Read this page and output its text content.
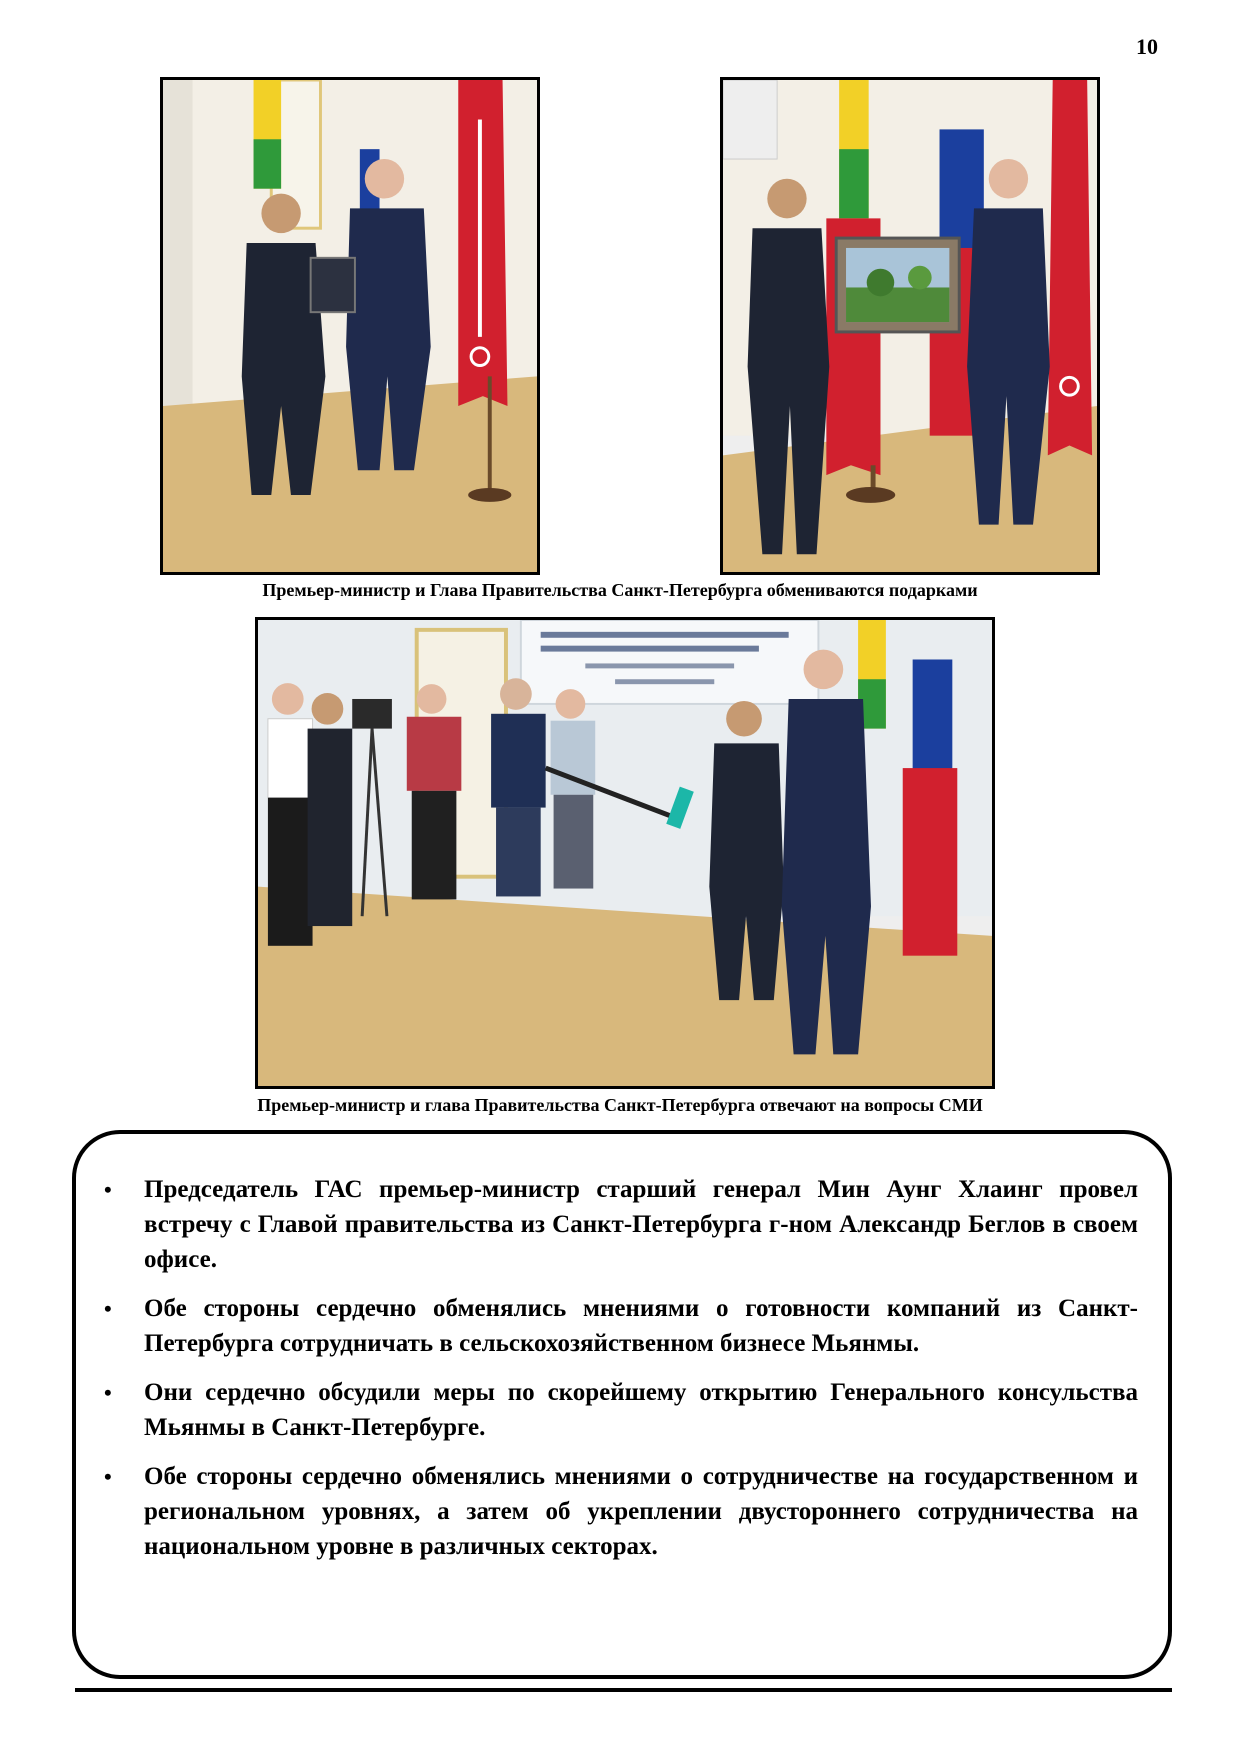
10
Премьер-министр и Глава Правительства Санкт-Петербурга обмениваются подарками
Премьер-министр и глава Правительства Санкт-Петербурга отвечают на вопросы СМИ
• Председатель ГАС премьер-министр старший генерал Мин Аунг Хлаинг провел встречу с Главой правительства из Санкт-Петербурга г-ном Александр Беглов в своем офисе.
• Обе стороны сердечно обменялись мнениями о готовности компаний из Санкт-Петербурга сотрудничать в сельскохозяйственном бизнесе Мьянмы.
• Они сердечно обсудили меры по скорейшему открытию Генерального консульства Мьянмы в Санкт-Петербурге.
• Обе стороны сердечно обменялись мнениями о сотрудничестве на государственном и региональном уровнях, а затем об укреплении двустороннего сотрудничества на национальном уровне в различных секторах.
